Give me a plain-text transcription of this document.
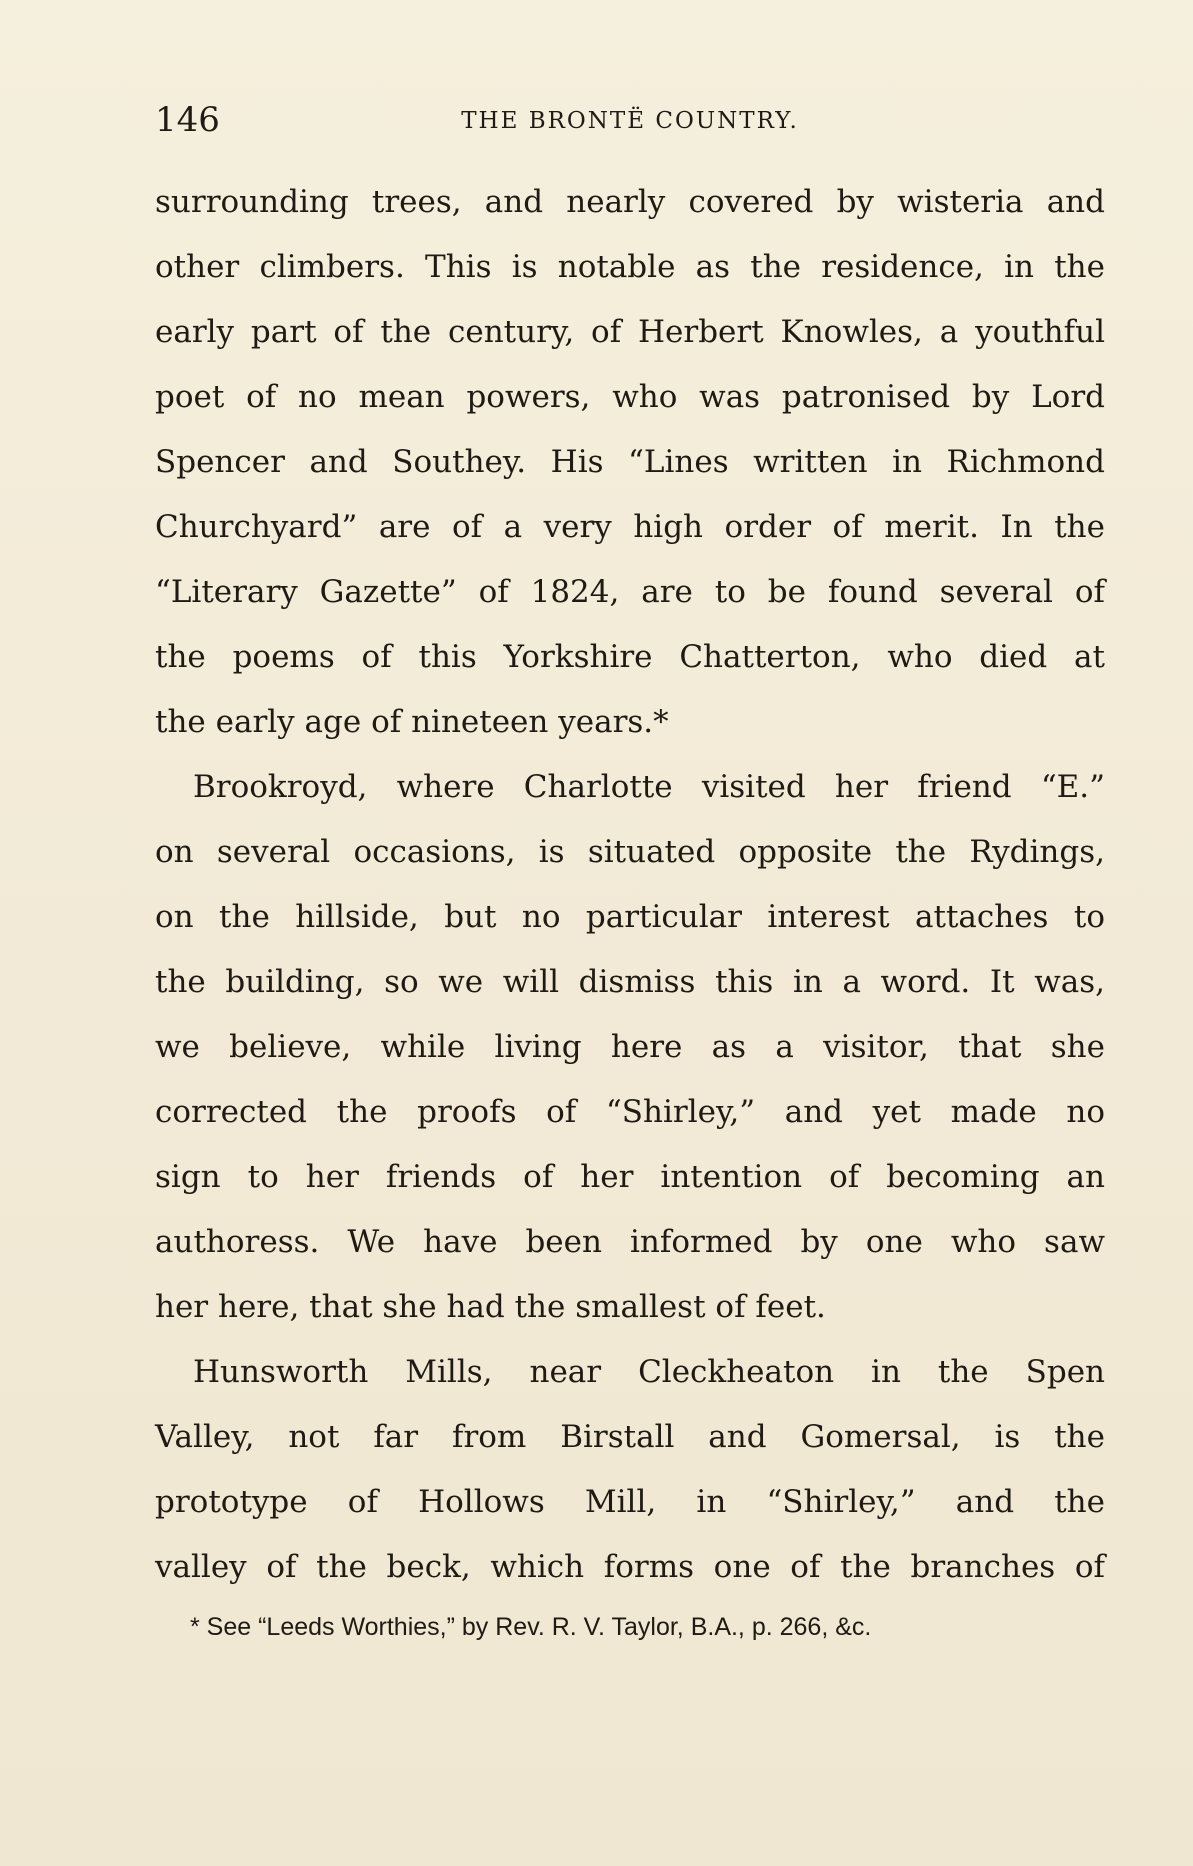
146	THE BRONTË COUNTRY.
surrounding trees, and nearly covered by wisteria and
other climbers. This is notable as the residence, in the
early part of the century, of Herbert Knowles, a youthful
poet of no mean powers, who was patronised by Lord
Spencer and Southey. His “Lines written in Richmond
Churchyard” are of a very high order of merit. In the
“Literary Gazette” of 1824, are to be found several of
the poems of this Yorkshire Chatterton, who died at
the early age of nineteen years.*
Brookroyd, where Charlotte visited her friend “E.”
on several occasions, is situated opposite the Rydings,
on the hillside, but no particular interest attaches to
the building, so we will dismiss this in a word. It was,
we believe, while living here as a visitor, that she
corrected the proofs of “Shirley,” and yet made no
sign to her friends of her intention of becoming an
authoress. We have been informed by one who saw
her here, that she had the smallest of feet.
Hunsworth Mills, near Cleckheaton in the Spen
Valley, not far from Birstall and Gomersal, is the
prototype of Hollows Mill, in “Shirley,” and the
valley of the beck, which forms one of the branches of
* See “Leeds Worthies,” by Rev. R. V. Taylor, B.A., p. 266, &c.
